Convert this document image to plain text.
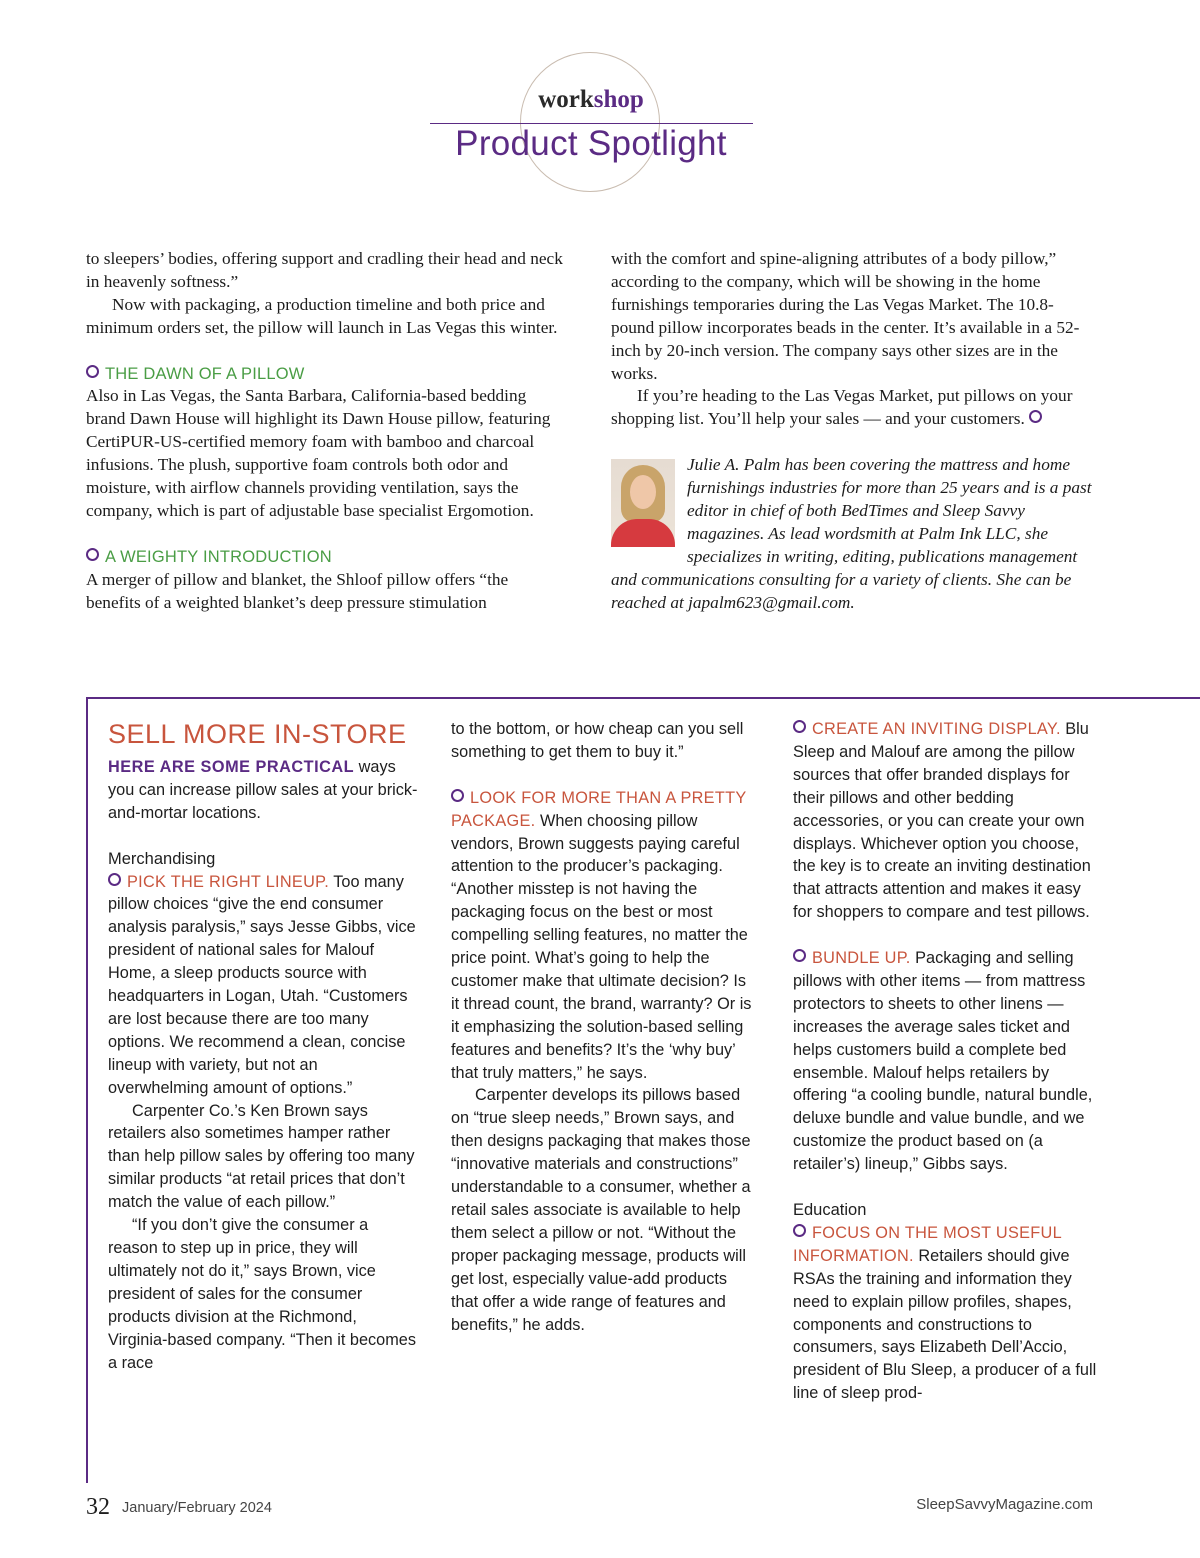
workshop
Product Spotlight

to sleepers’ bodies, offering support and cradling their head and neck in heavenly softness.”

Now with packaging, a production timeline and both price and minimum orders set, the pillow will launch in Las Vegas this winter.

THE DAWN OF A PILLOW

Also in Las Vegas, the Santa Barbara, California-based bedding brand Dawn House will highlight its Dawn House pillow, featuring CertiPUR-US-certified memory foam with bamboo and charcoal infusions. The plush, supportive foam controls both odor and moisture, with airflow channels providing ventilation, says the company, which is part of adjustable base specialist Ergomotion.

A WEIGHTY INTRODUCTION

A merger of pillow and blanket, the Shloof pillow offers “the benefits of a weighted blanket’s deep pressure stimulation

with the comfort and spine-aligning attributes of a body pillow,” according to the company, which will be showing in the home furnishings temporaries during the Las Vegas Market. The 10.8-pound pillow incorporates beads in the center. It’s available in a 52-inch by 20-inch version. The company says other sizes are in the works.

If you’re heading to the Las Vegas Market, put pillows on your shopping list. You’ll help your sales — and your customers.

Julie A. Palm has been covering the mattress and home furnishings industries for more than 25 years and is a past editor in chief of both BedTimes and Sleep Savvy magazines. As lead wordsmith at Palm Ink LLC, she specializes in writing, editing, publications management and communications consulting for a variety of clients. She can be reached at japalm623@gmail.com.

SELL MORE IN-STORE

HERE ARE SOME PRACTICAL ways you can increase pillow sales at your brick-and-mortar locations.

Merchandising

PICK THE RIGHT LINEUP. Too many pillow choices “give the end consumer analysis paralysis,” says Jesse Gibbs, vice president of national sales for Malouf Home, a sleep products source with headquarters in Logan, Utah. “Customers are lost because there are too many options. We recommend a clean, concise lineup with variety, but not an overwhelming amount of options.”

Carpenter Co.’s Ken Brown says retailers also sometimes hamper rather than help pillow sales by offering too many similar products “at retail prices that don’t match the value of each pillow.”

“If you don’t give the consumer a reason to step up in price, they will ultimately not do it,” says Brown, vice president of sales for the consumer products division at the Richmond, Virginia-based company. “Then it becomes a race

to the bottom, or how cheap can you sell something to get them to buy it.”

LOOK FOR MORE THAN A PRETTY PACKAGE. When choosing pillow vendors, Brown suggests paying careful attention to the producer’s packaging. “Another misstep is not having the packaging focus on the best or most compelling selling features, no matter the price point. What’s going to help the customer make that ultimate decision? Is it thread count, the brand, warranty? Or is it emphasizing the solution-based selling features and benefits? It’s the ‘why buy’ that truly matters,” he says.

Carpenter develops its pillows based on “true sleep needs,” Brown says, and then designs packaging that makes those “innovative materials and constructions” understandable to a consumer, whether a retail sales associate is available to help them select a pillow or not. “Without the proper packaging message, products will get lost, especially value-add products that offer a wide range of features and benefits,” he adds.

CREATE AN INVITING DISPLAY. Blu Sleep and Malouf are among the pillow sources that offer branded displays for their pillows and other bedding accessories, or you can create your own displays. Whichever option you choose, the key is to create an inviting destination that attracts attention and makes it easy for shoppers to compare and test pillows.

BUNDLE UP. Packaging and selling pillows with other items — from mattress protectors to sheets to other linens — increases the average sales ticket and helps customers build a complete bed ensemble. Malouf helps retailers by offering “a cooling bundle, natural bundle, deluxe bundle and value bundle, and we customize the product based on (a retailer’s) lineup,” Gibbs says.

Education

FOCUS ON THE MOST USEFUL INFORMATION. Retailers should give RSAs the training and information they need to explain pillow profiles, shapes, components and constructions to consumers, says Elizabeth Dell’Accio, president of Blu Sleep, a producer of a full line of sleep prod-

32 January/February 2024	SleepSavvyMagazine.com
